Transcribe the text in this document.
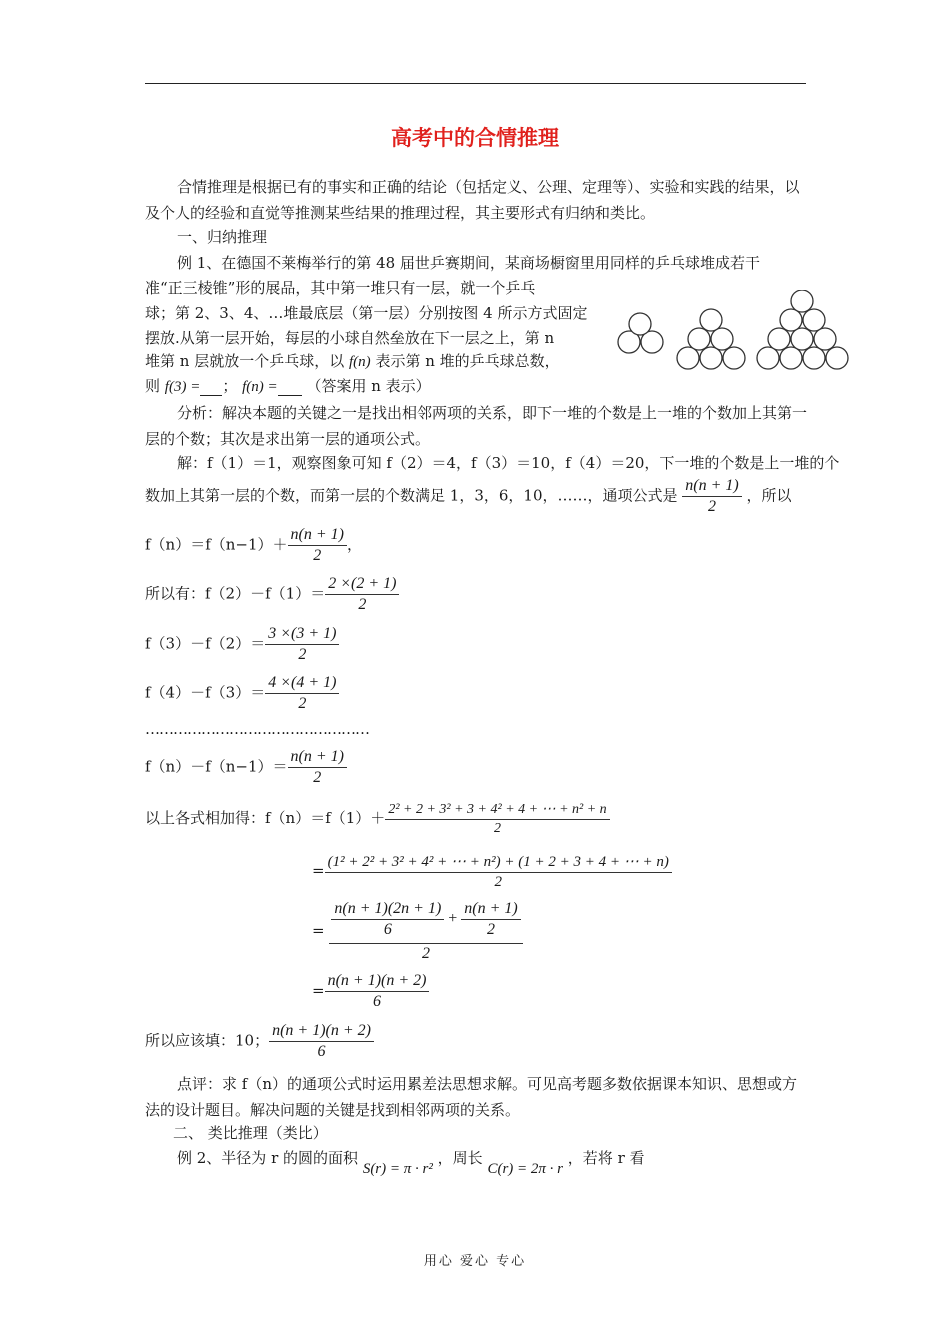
高考中的合情推理
合情推理是根据已有的事实和正确的结论（包括定义、公理、定理等）、实验和实践的结果，以及个人的经验和直觉等推测某些结果的推理过程，其主要形式有归纳和类比。
一、归纳推理
例 1、在德国不莱梅举行的第 48 届世乒赛期间，某商场橱窗里用同样的乒乓球堆成若干
准“正三棱锥”形的展品，其中第一堆只有一层，就一个乒乓
球；第 2、3、4、…堆最底层（第一层）分别按图 4 所示方式固定
摆放.从第一层开始，每层的小球自然垒放在下一层之上，第 n
堆第 n 层就放一个乒乓球，以 f(n) 表示第 n 堆的乒乓球总数，
则 f(3) = ； f(n) = （答案用 n 表示）
分析：解决本题的关键之一是找出相邻两项的关系，即下一堆的个数是上一堆的个数加上其第一层的个数；其次是求出第一层的通项公式。
解：f（1）＝1，观察图象可知 f（2）＝4，f（3）＝10，f（4）＝20，下一堆的个数是上一堆的个
数加上其第一层的个数，而第一层的个数满足 1，3，6，10，……，通项公式是 $\frac{n(n + 1)}{2}$ ，所以
$f(n)=f(n-1)+ \frac{n(n + 1)}{2}$ ，
所以有：$f(2)-f(1)= \frac{2 \times(2 + 1)}{2}$
$f(3)-f(2)= \frac{3 \times(3 + 1)}{2}$
$f(4)-f(3)= \frac{4 \times(4 + 1)}{2}$
…………………………………………
$f(n)-f(n-1)= \frac{n(n + 1)}{2}$
以上各式相加得：$f(n)=f(1)+ \frac{\text{2² + 2 + 3² + 3 + 4² + 4 + ⋯ + n² + n}}{2}$
= $\frac{\text{(1² + 2² + 3² + 4² + ⋯ + n²) + (1 + 2 + 3 + 4 + ⋯ + n)}}{2}$
= $\frac{\frac{n(n + 1)(2n + 1)}{6} + \frac{n(n + 1)}{2}}{2}$
= $\frac{n(n + 1)(n + 2)}{6}$
所以应该填：10； $\frac{n(n + 1)(n + 2)}{6}$
点评：求 f（n）的通项公式时运用累差法思想求解。可见高考题多数依据课本知识、思想或方法的设计题目。解决问题的关键是找到相邻两项的关系。
二、 类比推理（类比）
例 2、半径为 r 的圆的面积 S(r) = π · r² ，周长 C(r) = 2π · r ，若将 r 看
用心 爱心 专心
